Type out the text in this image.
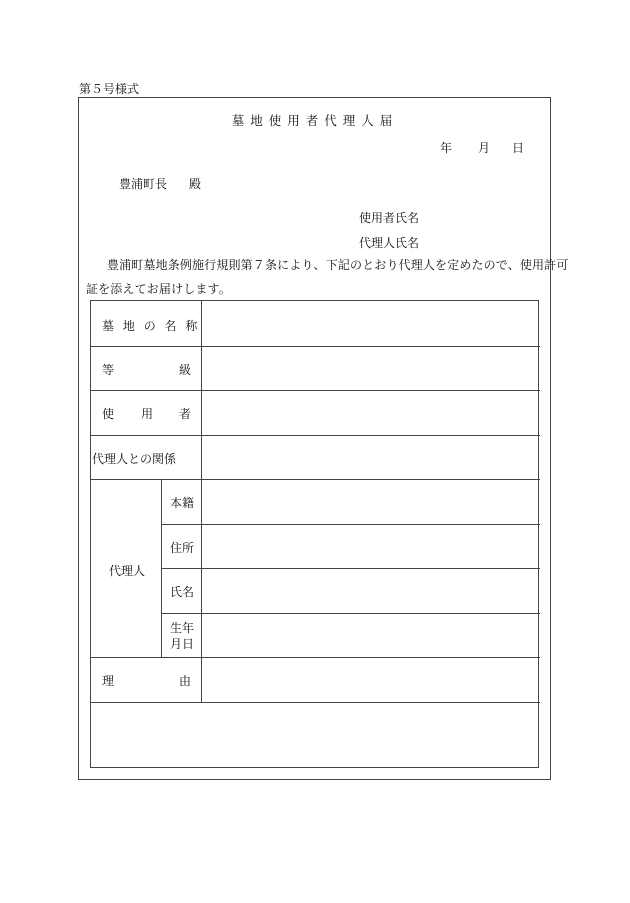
第５号様式
墓地使用者代理人届
年 月 日
豊浦町長 殿
使用者氏名
代理人氏名
豊浦町墓地条例施行規則第７条により、下記のとおり代理人を定めたので、使用許可
証を添えてお届けします。
墓 地 の 名 称
等	級
使 用 者
代理人との関係
代理人
本籍
住所
氏名
生年
月日
理	由
